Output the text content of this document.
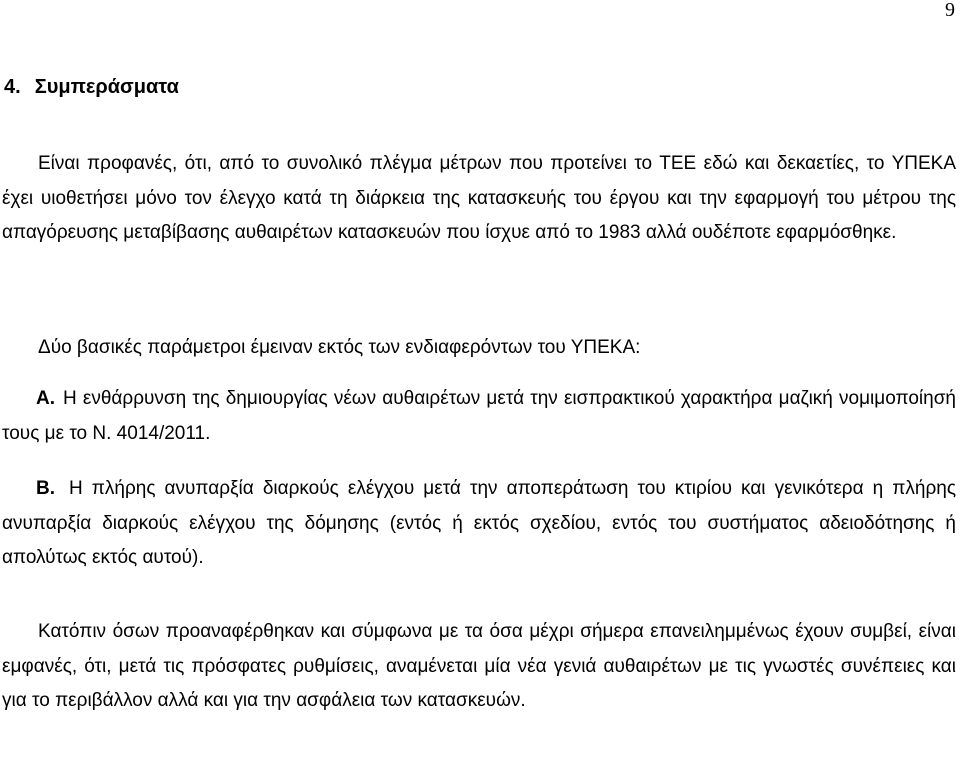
9
4. Συμπεράσματα

Είναι προφανές, ότι, από το συνολικό πλέγμα μέτρων που προτείνει το ΤΕΕ εδώ και δεκαετίες, το ΥΠΕΚΑ έχει υιοθετήσει μόνο τον έλεγχο κατά τη διάρκεια της κατασκευής του έργου και την εφαρμογή του μέτρου της απαγόρευσης μεταβίβασης αυθαιρέτων κατασκευών που ίσχυε από το 1983 αλλά ουδέποτε εφαρμόσθηκε.

Δύο βασικές παράμετροι έμειναν εκτός των ενδιαφερόντων του ΥΠΕΚΑ:

Α. Η ενθάρρυνση της δημιουργίας νέων αυθαιρέτων μετά την εισπρακτικού χαρακτήρα μαζική νομιμοποίησή τους με το Ν. 4014/2011.

Β. Η πλήρης ανυπαρξία διαρκούς ελέγχου μετά την αποπεράτωση του κτιρίου και γενικότερα η πλήρης ανυπαρξία διαρκούς ελέγχου της δόμησης (εντός ή εκτός σχεδίου, εντός του συστήματος αδειοδότησης ή απολύτως εκτός αυτού).

Κατόπιν όσων προαναφέρθηκαν και σύμφωνα με τα όσα μέχρι σήμερα επανειλημμένως έχουν συμβεί, είναι εμφανές, ότι, μετά τις πρόσφατες ρυθμίσεις, αναμένεται μία νέα γενιά αυθαιρέτων με τις γνωστές συνέπειες και για το περιβάλλον αλλά και για την ασφάλεια των κατασκευών.
